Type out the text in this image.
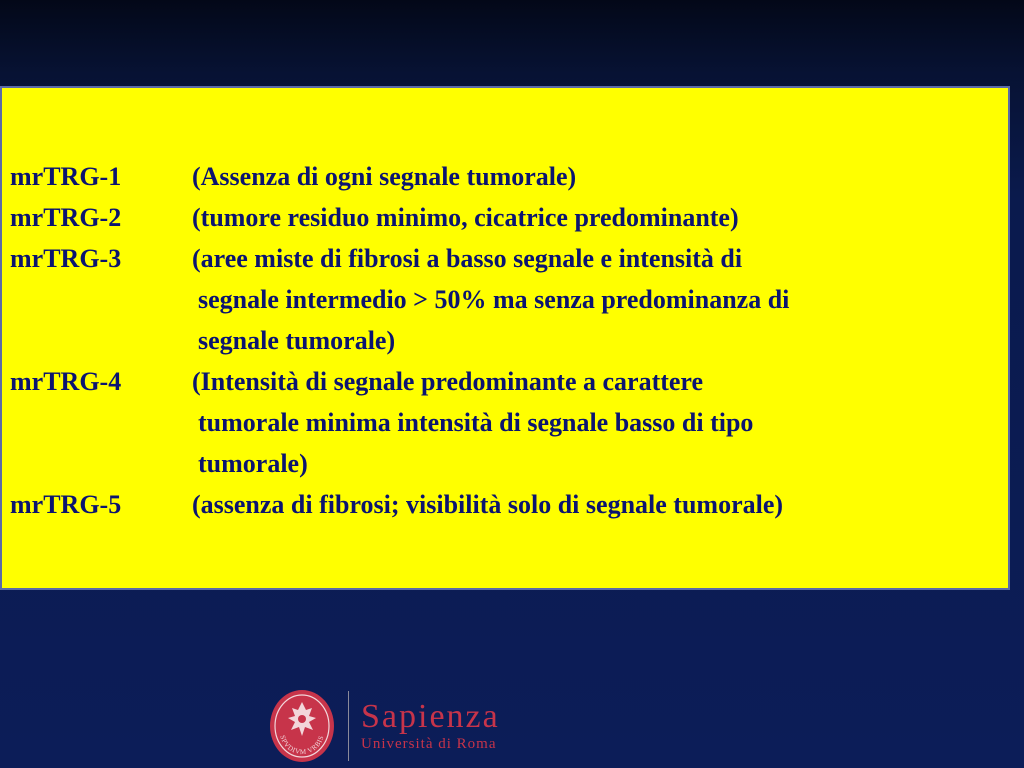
mrTRG-1	(Assenza di ogni segnale tumorale)
mrTRG-2	(tumore residuo minimo, cicatrice predominante)
mrTRG-3	(aree miste di fibrosi a basso segnale e intensità di
segnale intermedio > 50% ma senza predominanza di
segnale tumorale)
mrTRG-4	(Intensità di segnale predominante a carattere
tumorale minima intensità di segnale basso di tipo
tumorale)
mrTRG-5	(assenza di fibrosi; visibilità solo di segnale tumorale)
SPVDIVM VRBIS
Sapienza
Università di Roma
